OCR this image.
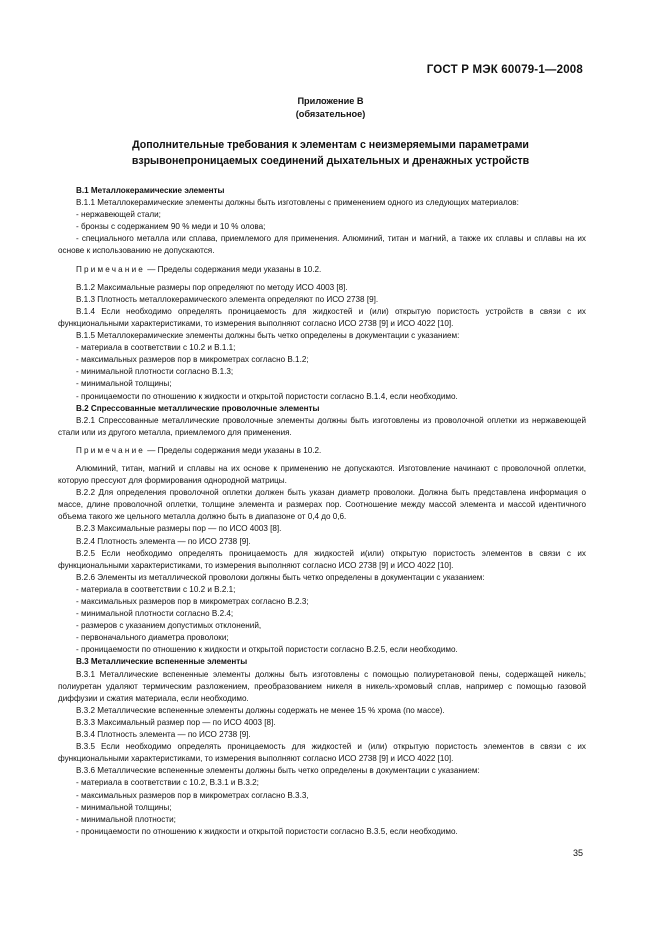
ГОСТ Р МЭК 60079-1—2008
Приложение В
(обязательное)
Дополнительные требования к элементам с неизмеряемыми параметрами
взрывонепроницаемых соединений дыхательных и дренажных устройств

В.1 Металлокерамические элементы

В.1.1 Металлокерамические элементы должны быть изготовлены с применением одного из следующих материалов:

- нержавеющей стали;

- бронзы с содержанием 90 % меди и 10 % олова;

- специального металла или сплава, приемлемого для применения. Алюминий, титан и магний, а также их сплавы и сплавы на их основе к использованию не допускаются.

Примечание — Пределы содержания меди указаны в 10.2.

В.1.2 Максимальные размеры пор определяют по методу ИСО 4003 [8].

В.1.3 Плотность металлокерамического элемента определяют по ИСО 2738 [9].

В.1.4 Если необходимо определять проницаемость для жидкостей и (или) открытую пористость устройств в связи с их функциональными характеристиками, то измерения выполняют согласно ИСО 2738 [9] и ИСО 4022 [10].

В.1.5 Металлокерамические элементы должны быть четко определены в документации с указанием:

- материала в соответствии с 10.2 и В.1.1;

- максимальных размеров пор в микрометрах согласно В.1.2;

- минимальной плотности согласно В.1.3;

- минимальной толщины;

- проницаемости по отношению к жидкости и открытой пористости согласно В.1.4, если необходимо.

В.2 Спрессованные металлические проволочные элементы

В.2.1 Спрессованные металлические проволочные элементы должны быть изготовлены из проволочной оплетки из нержавеющей стали или из другого металла, приемлемого для применения.

Примечание — Пределы содержания меди указаны в 10.2.

Алюминий, титан, магний и сплавы на их основе к применению не допускаются. Изготовление начинают с проволочной оплетки, которую прессуют для формирования однородной матрицы.

В.2.2 Для определения проволочной оплетки должен быть указан диаметр проволоки. Должна быть представлена информация о массе, длине проволочной оплетки, толщине элемента и размерах пор. Соотношение между массой элемента и массой идентичного объема такого же цельного металла должно быть в диапазоне от 0,4 до 0,6.

В.2.3 Максимальные размеры пор — по ИСО 4003 [8].

В.2.4 Плотность элемента — по ИСО 2738 [9].

В.2.5 Если необходимо определять проницаемость для жидкостей и(или) открытую пористость элементов в связи с их функциональными характеристиками, то измерения выполняют согласно ИСО 2738 [9] и ИСО 4022 [10].

В.2.6 Элементы из металлической проволоки должны быть четко определены в документации с указанием:

- материала в соответствии с 10.2 и В.2.1;

- максимальных размеров пор в микрометрах согласно В.2.3;

- минимальной плотности согласно В.2.4;

- размеров с указанием допустимых отклонений,

- первоначального диаметра проволоки;

- проницаемости по отношению к жидкости и открытой пористости согласно В.2.5, если необходимо.

В.3 Металлические вспененные элементы

В.3.1 Металлические вспененные элементы должны быть изготовлены с помощью полиуретановой пены, содержащей никель; полиуретан удаляют термическим разложением, преобразованием никеля в никель-хромовый сплав, например с помощью газовой диффузии и сжатия материала, если необходимо.

В.3.2 Металлические вспененные элементы должны содержать не менее 15 % хрома (по массе).

В.3.3 Максимальный размер пор — по ИСО 4003 [8].

В.3.4 Плотность элемента — по ИСО 2738 [9].

В.3.5 Если необходимо определять проницаемость для жидкостей и (или) открытую пористость элементов в связи с их функциональными характеристиками, то измерения выполняют согласно ИСО 2738 [9] и ИСО 4022 [10].

В.3.6 Металлические вспененные элементы должны быть четко определены в документации с указанием:

- материала в соответствии с 10.2, В.3.1 и В.3.2;

- максимальных размеров пор в микрометрах согласно В.3.3,

- минимальной толщины;

- минимальной плотности;

- проницаемости по отношению к жидкости и открытой пористости согласно В.3.5, если необходимо.

35
